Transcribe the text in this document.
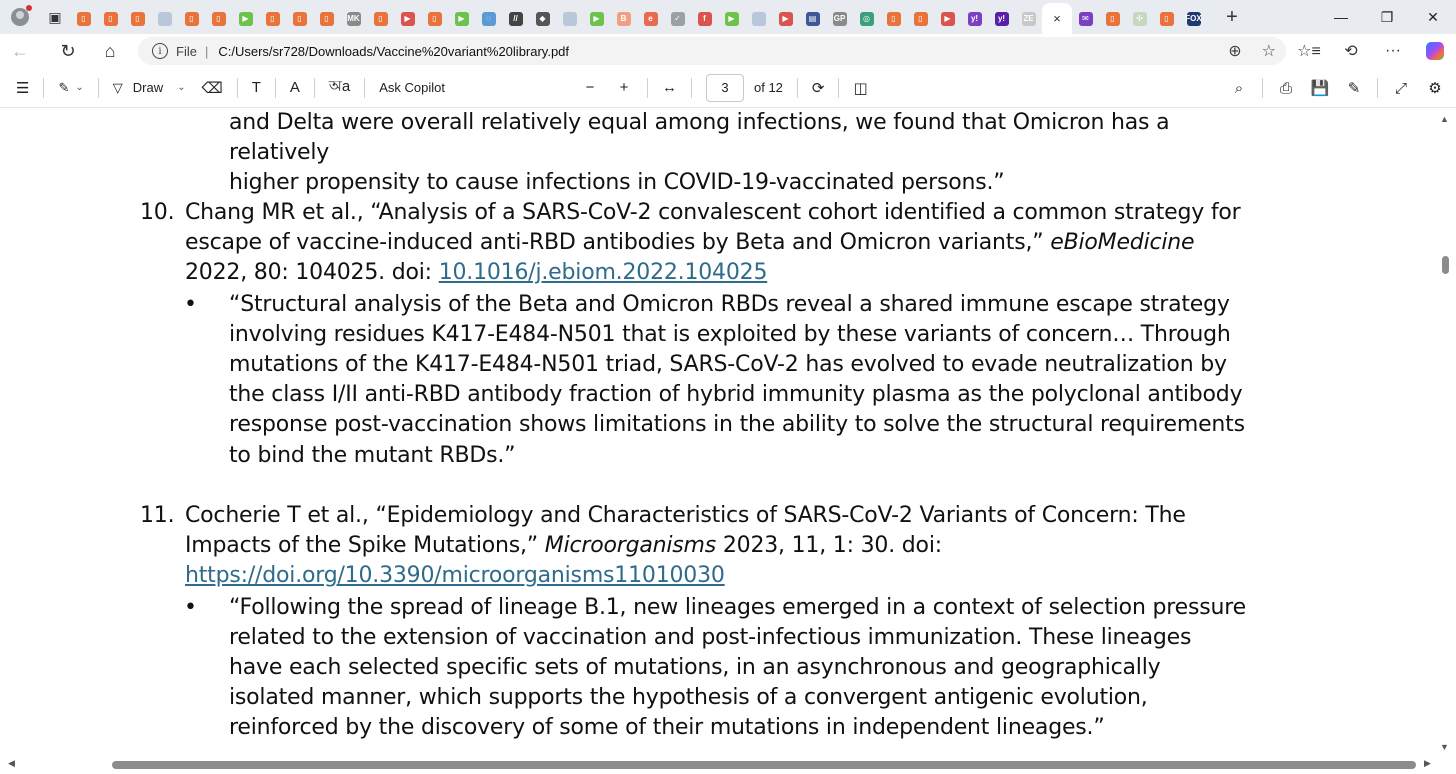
▣	▯	▯	▯	▯	▯	▶	▯	▯	▯	MK	▯	▶	▯	▶	◌	//	◆	▶	B	e	✓	f	▶	▶	▤	GP	◎	▯	▯	▶	y!	y!	ZE ×	✉	▯	✣	▯	FOX	+	—	❐	✕
←	↻	⌂	i	File | C:/Users/sr728/Downloads/Vaccine%20variant%20library.pdf	⊕ ☆	☆≡	⟲	···
☰	✎ ⌄ ▽ Draw ⌄	⌫	T	A	অa	Ask Copilot	−	+	↔	3	of 12	⟳	◫	⌕	⎙	💾	✎	⤢	⚙
and Delta were overall relatively equal among infections, we found that Omicron has a relatively
higher propensity to cause infections in COVID-19-vaccinated persons.”
10. Chang MR et al., “Analysis of a SARS-CoV-2 convalescent cohort identified a common strategy for escape of vaccine-induced anti-RBD antibodies by Beta and Omicron variants,” eBioMedicine 2022, 80: 104025. doi: 10.1016/j.ebiom.2022.104025
• “Structural analysis of the Beta and Omicron RBDs reveal a shared immune escape strategy involving residues K417-E484-N501 that is exploited by these variants of concern… Through mutations of the K417-E484-N501 triad, SARS-CoV-2 has evolved to evade neutralization by the class I/II anti-RBD antibody fraction of hybrid immunity plasma as the polyclonal antibody response post-vaccination shows limitations in the ability to solve the structural requirements to bind the mutant RBDs.”
11. Cocherie T et al., “Epidemiology and Characteristics of SARS-CoV-2 Variants of Concern: The Impacts of the Spike Mutations,” Microorganisms 2023, 11, 1: 30. doi: https://doi.org/10.3390/microorganisms11010030
• “Following the spread of lineage B.1, new lineages emerged in a context of selection pressure related to the extension of vaccination and post-infectious immunization. These lineages have each selected specific sets of mutations, in an asynchronous and geographically isolated manner, which supports the hypothesis of a convergent antigenic evolution, reinforced by the discovery of some of their mutations in independent lineages.”
▲
▼
◀	▶
